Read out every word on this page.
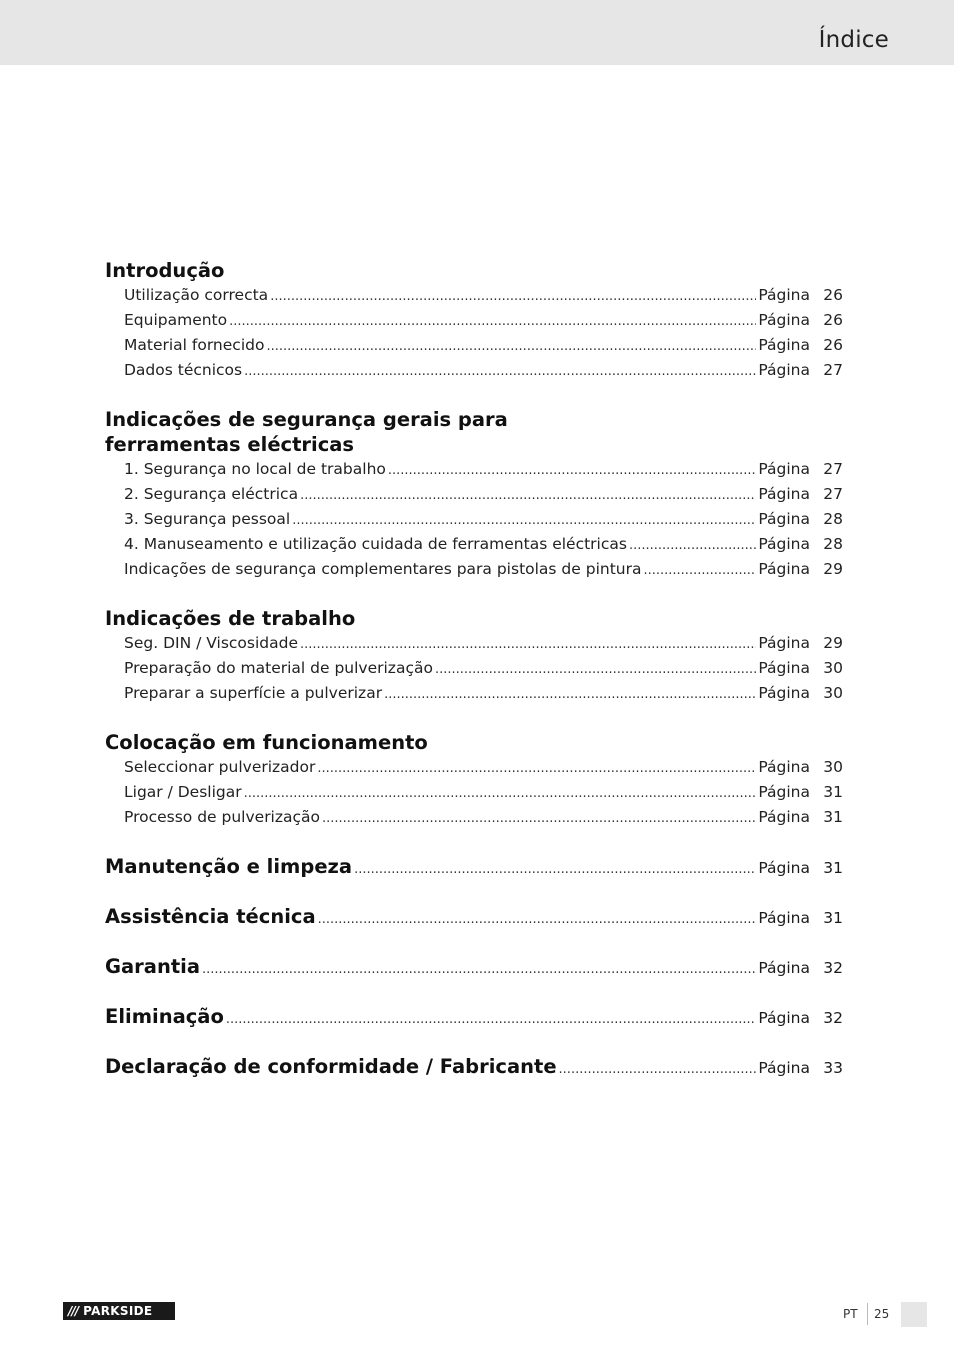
Índice
Introdução
Utilização correcta .....	Página 26
Equipamento .....	Página 26
Material fornecido .....	Página 26
Dados técnicos .....	Página 27
Indicações de segurança gerais para
ferramentas eléctricas
1. Segurança no local de trabalho .....	Página 27
2. Segurança eléctrica .....	Página 27
3. Segurança pessoal .....	Página 28
4. Manuseamento e utilização cuidada de ferramentas eléctricas .....	Página 28
Indicações de segurança complementares para pistolas de pintura .....	Página 29
Indicações de trabalho
Seg. DIN / Viscosidade .....	Página 29
Preparação do material de pulverização .....	Página 30
Preparar a superfície a pulverizar .....	Página 30
Colocação em funcionamento
Seleccionar pulverizador .....	Página 30
Ligar / Desligar .....	Página 31
Processo de pulverização .....	Página 31
Manutenção e limpeza .....	Página 31
Assistência técnica .....	Página 31
Garantia .....	Página 32
Eliminação .....	Página 32
Declaração de conformidade / Fabricante .....	Página 33
/// PARKSIDE	PT 25
